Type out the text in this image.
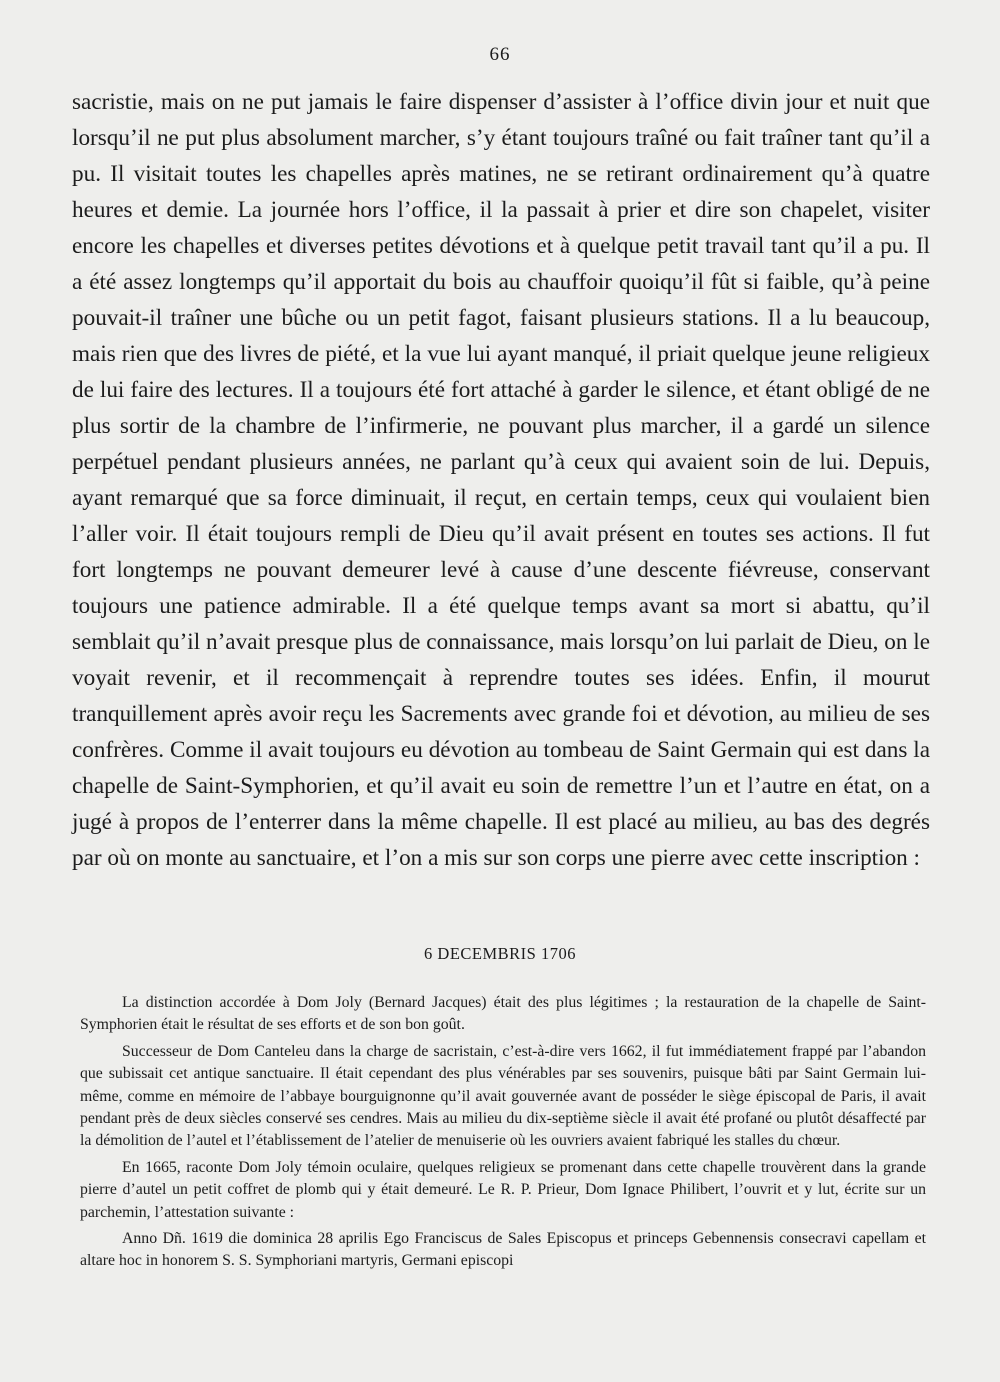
66

sacristie, mais on ne put jamais le faire dispenser d’assister à l’office divin jour et nuit que lorsqu’il ne put plus absolument marcher, s’y étant toujours traîné ou fait traîner tant qu’il a pu. Il visitait toutes les chapelles après matines, ne se retirant ordinairement qu’à quatre heures et demie. La journée hors l’office, il la passait à prier et dire son chapelet, visiter encore les chapelles et diverses petites dévotions et à quelque petit travail tant qu’il a pu. Il a été assez longtemps qu’il apportait du bois au chauffoir quoiqu’il fût si faible, qu’à peine pouvait-il traîner une bûche ou un petit fagot, faisant plusieurs stations. Il a lu beaucoup, mais rien que des livres de piété, et la vue lui ayant manqué, il priait quelque jeune religieux de lui faire des lectures. Il a toujours été fort attaché à garder le silence, et étant obligé de ne plus sortir de la chambre de l’infirmerie, ne pouvant plus marcher, il a gardé un silence perpétuel pendant plusieurs années, ne parlant qu’à ceux qui avaient soin de lui. Depuis, ayant remarqué que sa force diminuait, il reçut, en certain temps, ceux qui voulaient bien l’aller voir. Il était toujours rempli de Dieu qu’il avait présent en toutes ses actions. Il fut fort longtemps ne pouvant demeurer levé à cause d’une descente fiévreuse, conservant toujours une patience admirable. Il a été quelque temps avant sa mort si abattu, qu’il semblait qu’il n’avait presque plus de connaissance, mais lorsqu’on lui parlait de Dieu, on le voyait revenir, et il recommençait à reprendre toutes ses idées. Enfin, il mourut tranquillement après avoir reçu les Sacrements avec grande foi et dévotion, au milieu de ses confrères. Comme il avait toujours eu dévotion au tombeau de Saint Germain qui est dans la chapelle de Saint-Symphorien, et qu’il avait eu soin de remettre l’un et l’autre en état, on a jugé à propos de l’enterrer dans la même chapelle. Il est placé au milieu, au bas des degrés par où on monte au sanctuaire, et l’on a mis sur son corps une pierre avec cette inscription :

6 DECEMBRIS 1706

La distinction accordée à Dom Joly (Bernard Jacques) était des plus légitimes ; la restauration de la chapelle de Saint-Symphorien était le résultat de ses efforts et de son bon goût.

Successeur de Dom Canteleu dans la charge de sacristain, c’est-à-dire vers 1662, il fut immédiatement frappé par l’abandon que subissait cet antique sanctuaire. Il était cependant des plus vénérables par ses souvenirs, puisque bâti par Saint Germain lui-même, comme en mémoire de l’abbaye bourguignonne qu’il avait gouvernée avant de posséder le siège épiscopal de Paris, il avait pendant près de deux siècles conservé ses cendres. Mais au milieu du dix-septième siècle il avait été profané ou plutôt désaffecté par la démolition de l’autel et l’établissement de l’atelier de menuiserie où les ouvriers avaient fabriqué les stalles du chœur.

En 1665, raconte Dom Joly témoin oculaire, quelques religieux se promenant dans cette chapelle trouvèrent dans la grande pierre d’autel un petit coffret de plomb qui y était demeuré. Le R. P. Prieur, Dom Ignace Philibert, l’ouvrit et y lut, écrite sur un parchemin, l’attestation suivante :

Anno Dñ. 1619 die dominica 28 aprilis Ego Franciscus de Sales Episcopus et princeps Gebennensis consecravi capellam et altare hoc in honorem S. S. Symphoriani martyris, Germani episcopi
